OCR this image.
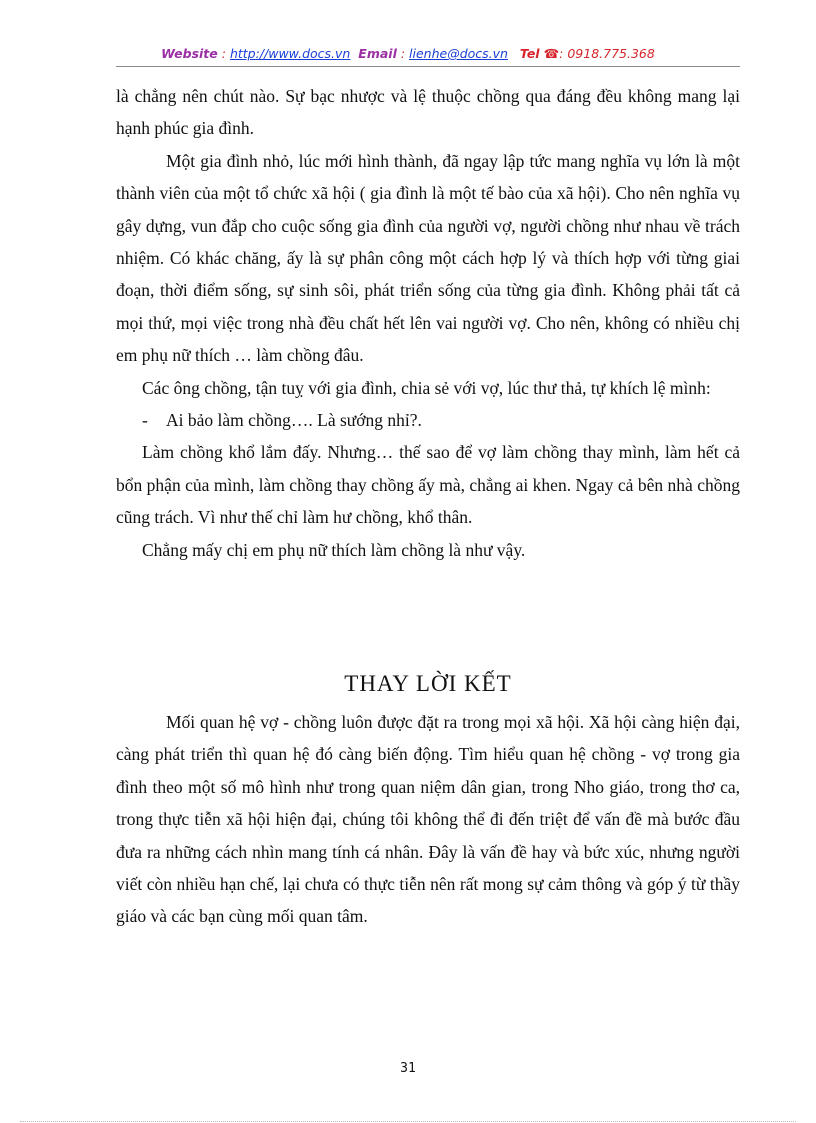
Website : http://www.docs.vn Email : lienhe@docs.vn Tel ☎: 0918.775.368

là chẳng nên chút nào. Sự bạc nhược và lệ thuộc chồng qua đáng đều không mang lại hạnh phúc gia đình.

Một gia đình nhỏ, lúc mới hình thành, đã ngay lập tức mang nghĩa vụ lớn là một thành viên của một tổ chức xã hội ( gia đình là một tế bào của xã hội). Cho nên nghĩa vụ gây dựng, vun đắp cho cuộc sống gia đình của người vợ, người chồng như nhau về trách nhiệm. Có khác chăng, ấy là sự phân công một cách hợp lý và thích hợp với từng giai đoạn, thời điểm sống, sự sinh sôi, phát triển sống của từng gia đình. Không phải tất cả mọi thứ, mọi việc trong nhà đều chất hết lên vai người vợ. Cho nên, không có nhiều chị em phụ nữ thích … làm chồng đâu.

Các ông chồng, tận tuỵ với gia đình, chia sẻ với vợ, lúc thư thả, tự khích lệ mình:

-	Ai bảo làm chồng…. Là sướng nhỉ?.

Làm chồng khổ lắm đấy. Nhưng… thế sao để vợ làm chồng thay mình, làm hết cả bổn phận của mình, làm chồng thay chồng ấy mà, chẳng ai khen. Ngay cả bên nhà chồng cũng trách. Vì như thế chỉ làm hư chồng, khổ thân.

Chẳng mấy chị em phụ nữ thích làm chồng là như vậy.

THAY LỜI KẾT

Mối quan hệ vợ - chồng luôn được đặt ra trong mọi xã hội. Xã hội càng hiện đại, càng phát triển thì quan hệ đó càng biến động. Tìm hiểu quan hệ chồng - vợ trong gia đình theo một số mô hình như trong quan niệm dân gian, trong Nho giáo, trong thơ ca, trong thực tiễn xã hội hiện đại, chúng tôi không thể đi đến triệt để vấn đề mà bước đầu đưa ra những cách nhìn mang tính cá nhân. Đây là vấn đề hay và bức xúc, nhưng người viết còn nhiều hạn chế, lại chưa có thực tiễn nên rất mong sự cảm thông và góp ý từ thầy giáo và các bạn cùng mối quan tâm.

31
